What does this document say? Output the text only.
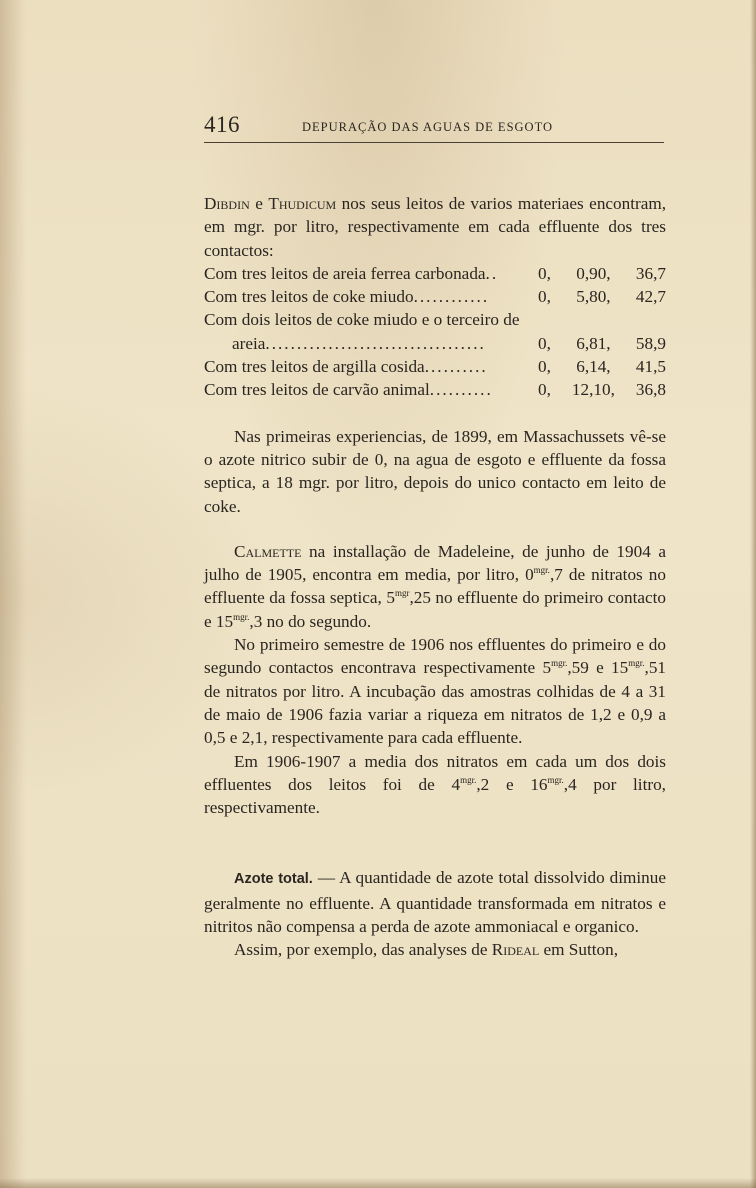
416	DEPURAÇÃO DAS AGUAS DE ESGOTO

Dibdin e Thudicum nos seus leitos de varios materiaes encontram, em mgr. por litro, respectivamente em cada effluente dos tres contactos:

Com tres leitos de areia ferrea carbonada ..	0, 0,90, 36,7
Com tres leitos de coke miudo ............	0, 5,80, 42,7
Com dois leitos de coke miudo e o terceiro de
areia ...................................	0, 6,81, 58,9
Com tres leitos de argilla cosida ..........	0, 6,14, 41,5
Com tres leitos de carvão animal ..........	0, 12,10, 36,8

Nas primeiras experiencias, de 1899, em Massachussets vê-se o azote nitrico subir de 0, na agua de esgoto e effluente da fossa septica, a 18 mgr. por litro, depois do unico contacto em leito de coke.

Calmette na installação de Madeleine, de junho de 1904 a julho de 1905, encontra em media, por litro, $0^{mgr.},7$ de nitratos no effluente da fossa septica, $5^{mgr},25$ no effluente do primeiro contacto e $15^{mgr.},3$ no do segundo.

No primeiro semestre de 1906 nos effluentes do primeiro e do segundo contactos encontrava respectivamente $5^{mgr.},59$ e $15^{mgr.},51$ de nitratos por litro. A incubação das amostras colhidas de 4 a 31 de maio de 1906 fazia variar a riqueza em nitratos de 1,2 e 0,9 a 0,5 e 2,1, respectivamente para cada effluente.

Em 1906-1907 a media dos nitratos em cada um dos dois effluentes dos leitos foi de $4^{mgr.},2$ e $16^{mgr.},4$ por litro, respectivamente.

Azote total. — A quantidade de azote total dissolvido diminue geralmente no effluente. A quantidade transformada em nitratos e nitritos não compensa a perda de azote ammoniacal e organico.

Assim, por exemplo, das analyses de Rideal em Sutton,
